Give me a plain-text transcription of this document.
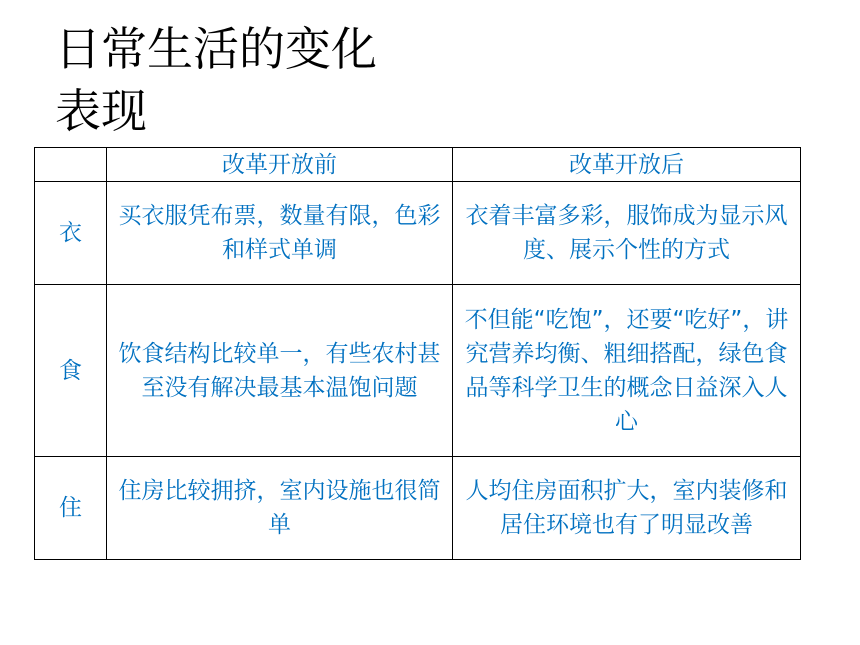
日常生活的变化
表现
	改革开放前	改革开放后
衣	买衣服凭布票，数量有限，色彩和样式单调	衣着丰富多彩，服饰成为显示风度、展示个性的方式
食	饮食结构比较单一，有些农村甚至没有解决最基本温饱问题	不但能“吃饱”，还要“吃好”，讲究营养均衡、粗细搭配，绿色食品等科学卫生的概念日益深入人心
住	住房比较拥挤，室内设施也很简单	人均住房面积扩大，室内装修和居住环境也有了明显改善
